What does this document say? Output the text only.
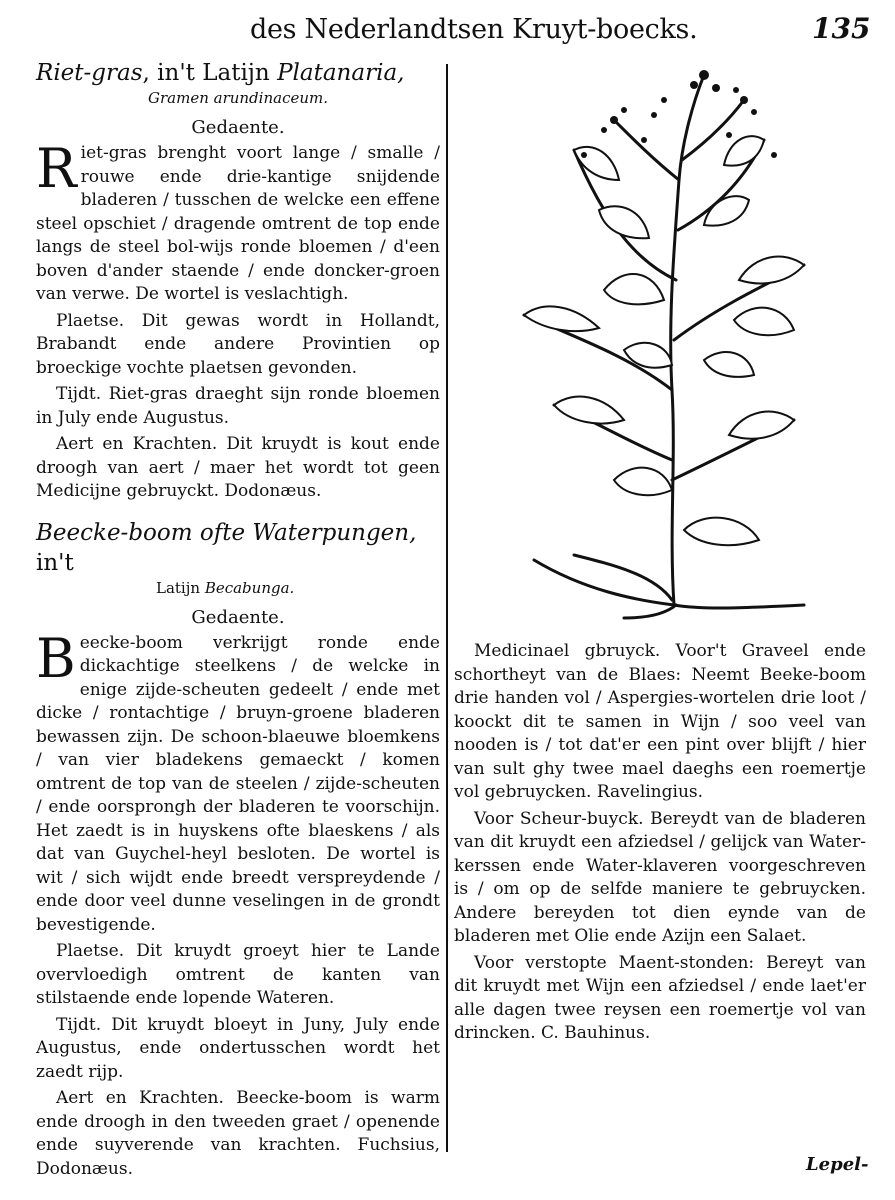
des Nederlandtsen Kruyt-boecks.	135
Riet-gras, in't Latijn Platanaria,
Gramen arundinaceum.
Gedaente.

Riet-gras brenght voort lange / smalle / rouwe ende drie-kantige snijdende bladeren / tusschen de welcke een effene steel opschiet / dragende omtrent de top ende langs de steel bol-wijs ronde bloemen / d'een boven d'ander staende / ende doncker-groen van verwe. De wortel is veslachtigh.

Plaetse. Dit gewas wordt in Hollandt, Brabandt ende andere Provintien op broeckige vochte plaetsen gevonden.

Tijdt. Riet-gras draeght sijn ronde bloemen in July ende Augustus.

Aert en Krachten. Dit kruydt is kout ende droogh van aert / maer het wordt tot geen Medicijne gebruyckt. Dodonæus.

Beecke-boom ofte Waterpungen, in't
Latijn Becabunga.
Gedaente.

Beecke-boom verkrijgt ronde ende dickachtige steelkens / de welcke in enige zijde-scheuten gedeelt / ende met dicke / rontachtige / bruyn-groene bladeren bewassen zijn. De schoon-blaeuwe bloemkens / van vier bladekens gemaeckt / komen omtrent de top van de steelen / zijde-scheuten / ende oorsprongh der bladeren te voorschijn. Het zaedt is in huyskens ofte blaeskens / als dat van Guychel-heyl besloten. De wortel is wit / sich wijdt ende breedt verspreydende / ende door veel dunne veselingen in de grondt bevestigende.

Plaetse. Dit kruydt groeyt hier te Lande overvloedigh omtrent de kanten van stilstaende ende lopende Wateren.

Tijdt. Dit kruydt bloeyt in Juny, July ende Augustus, ende ondertusschen wordt het zaedt rijp.

Aert en Krachten. Beecke-boom is warm ende droogh in den tweeden graet / openende ende suyverende van krachten. Fuchsius, Dodonæus.

Medicinael gbruyck. Voor't Graveel ende schortheyt van de Blaes: Neemt Beeke-boom drie handen vol / Aspergies-wortelen drie loot / koockt dit te samen in Wijn / soo veel van nooden is / tot dat'er een pint over blijft / hier van sult ghy twee mael daeghs een roemertje vol gebruycken. Ravelingius.

Voor Scheur-buyck. Bereydt van de bladeren van dit kruydt een afziedsel / gelijck van Water-kerssen ende Water-klaveren voorgeschreven is / om op de selfde maniere te gebruycken. Andere bereyden tot dien eynde van de bladeren met Olie ende Azijn een Salaet.

Voor verstopte Maent-stonden: Bereyt van dit kruydt met Wijn een afziedsel / ende laet'er alle dagen twee reysen een roemertje vol van drincken. C. Bauhinus.

Lepel-
